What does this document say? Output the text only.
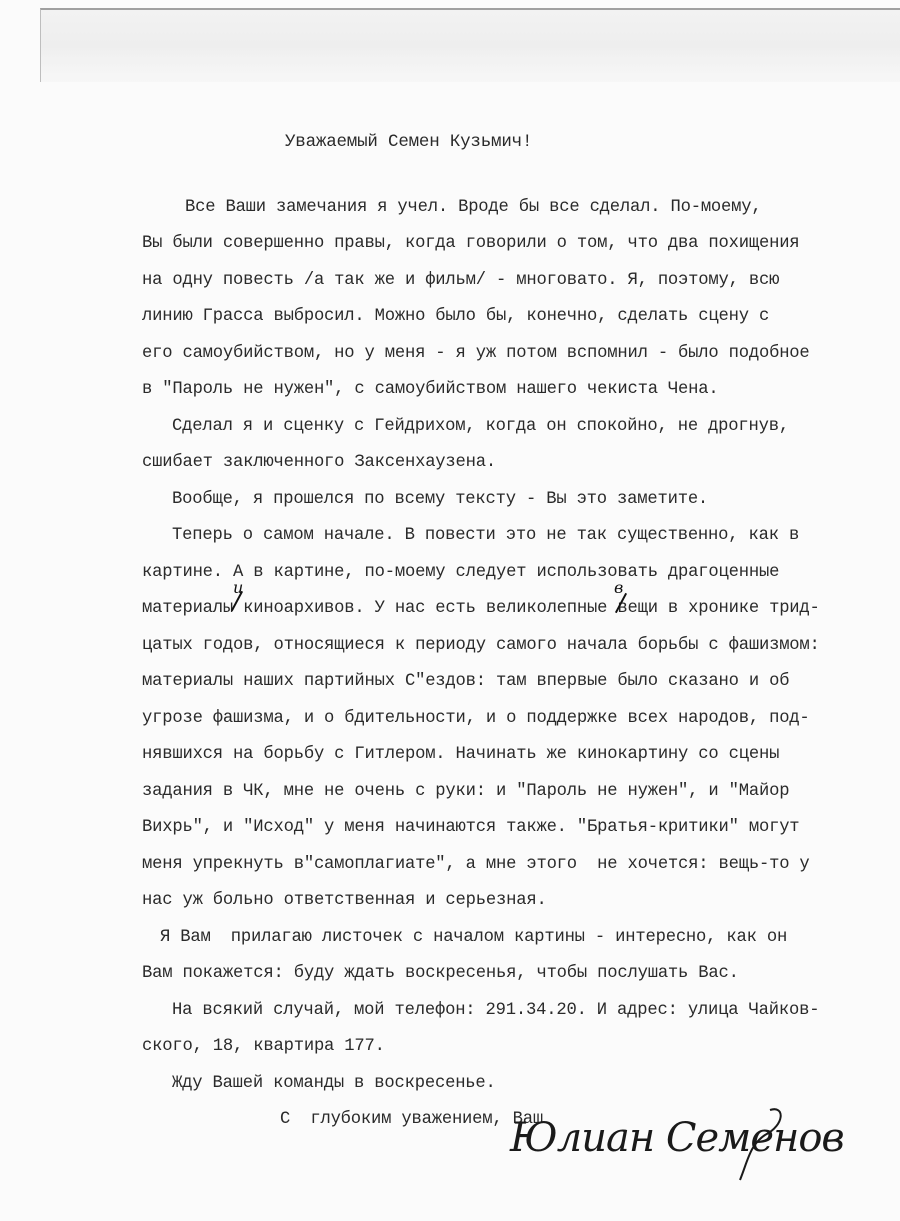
Уважаемый Семен Кузьмич!
Все Ваши замечания я учел. Вроде бы все сделал. По-моему,
Вы были совершенно правы, когда говорили о том, что два похищения
на одну повесть /а так же и фильм/ - многовато. Я, поэтому, всю
линию Грасса выбросил. Можно было бы, конечно, сделать сцену с
его самоубийством, но у меня - я уж потом вспомнил - было подобное
в "Пароль не нужен", с самоубийством нашего чекиста Чена.
Сделал я и сценку с Гейдрихом, когда он спокойно, не дрогнув,
сшибает заключенного Заксенхаузена.
Вообще, я прошелся по всему тексту - Вы это заметите.
Теперь о самом начале. В повести это не так существенно, как в
картине. А в картине, по-моему следует использовать драгоценные
материалы киноархивов. У нас есть великолепные вещи в хронике трид-
цатых годов, относящиеся к периоду самого начала борьбы с фашизмом:
материалы наших партийных С"ездов: там впервые было сказано и об
угрозе фашизма, и о бдительности, и о поддержке всех народов, под-
нявшихся на борьбу с Гитлером. Начинать же кинокартину со сцены
задания в ЧК, мне не очень с руки: и "Пароль не нужен", и "Майор
Вихрь", и "Исход" у меня начинаются также. "Братья-критики" могут
меня упрекнуть в"самоплагиате", а мне этого  не хочется: вещь-то у
нас уж больно ответственная и серьезная.
Я Вам  прилагаю листочек с началом картины - интересно, как он
Вам покажется: буду ждать воскресенья, чтобы послушать Вас.
На всякий случай, мой телефон: 291.34.20. И адрес: улица Чайков-
ского, 18, квартира 177.
Жду Вашей команды в воскресенье.
С  глубоким уважением, Ваш
и	в
Юлиан Семенов
